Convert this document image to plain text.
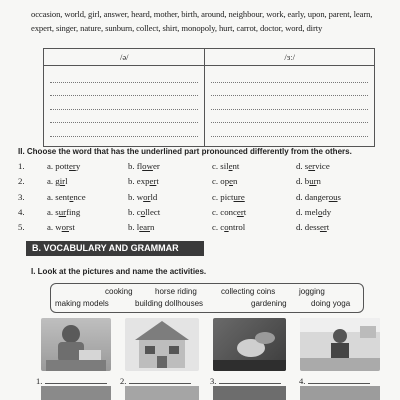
occasion, world, girl, answer, heard, mother, birth, around, neighbour, work, early, upon, parent, learn, expert, singer, nature, sunburn, collect, shirt, monopoly, hurt, carrot, doctor, word, dirty
/ə/	/ɜː/

II. Choose the word that has the underlined part pronounced differently from the others.
1.	a. pottery	b. flower	c. silent	d. service
2.	a. girl	b. expert	c. open	d. burn
3.	a. sentence	b. world	c. picture	d. dangerous
4.	a. surfing	b. collect	c. concert	d. melody
5.	a. worst	b. learn	c. control	d. dessert
B. VOCABULARY AND GRAMMAR
I. Look at the pictures and name the activities.
cooking	horse riding	collecting coins	jogging
making models	building dollhouses	gardening	doing yoga
1.	2.	3.	4.
